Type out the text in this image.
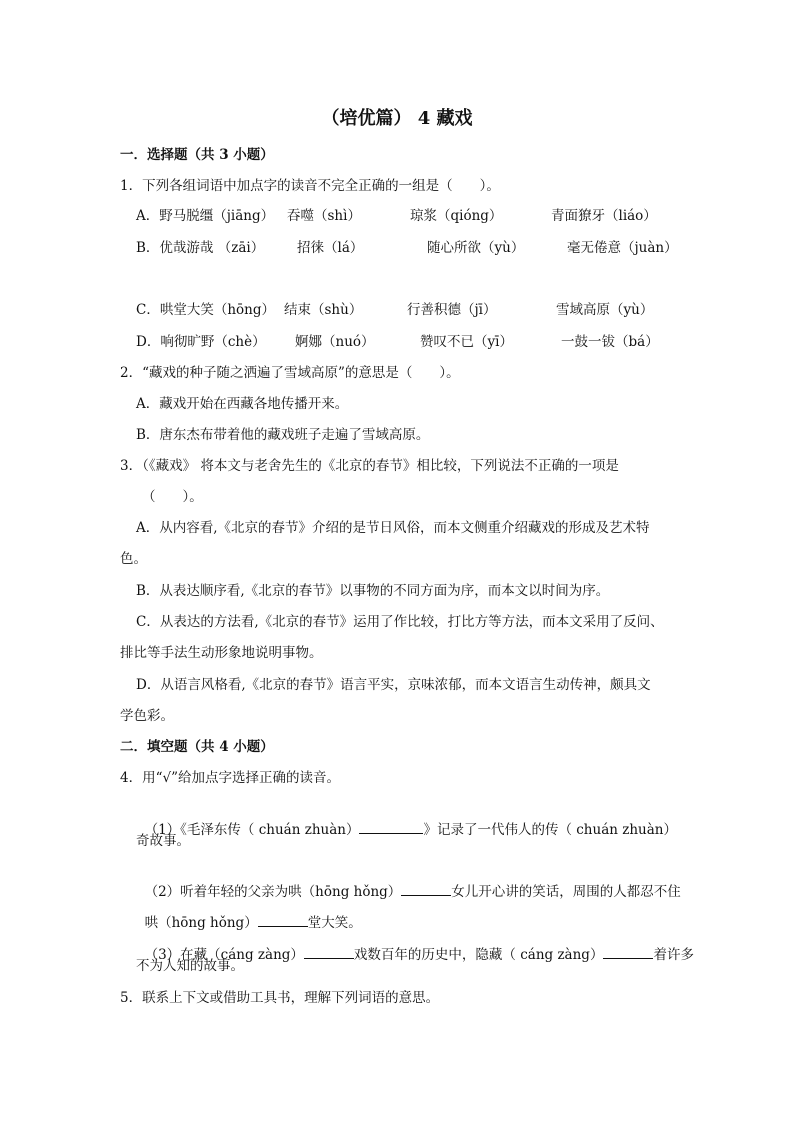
（培优篇） 4 藏戏
一．选择题（共 3 小题）
1．下列各组词语中加点字的读音不完全正确的一组是（　　）。
A．野马脱缰（jiāng） 吞噬（shì）	琼浆（qióng）	青面獠牙（liáo）
B．优哉游哉 （zāi） 招徕（lá）	随心所欲（yù）	毫无倦意（juàn）
C．哄堂大笑（hōng） 结束（shù）	行善积德（jī）	雪域高原（yù）
D．响彻旷野（chè） 婀娜（nuó）	赞叹不已（yī）	一鼓一钹（bá）
2．“藏戏的种子随之洒遍了雪域高原”的意思是（　　）。
A．藏戏开始在西藏各地传播开来。
B．唐东杰布带着他的藏戏班子走遍了雪域高原。
3．（《藏戏》 将本文与老舍先生的《北京的春节》相比较，下列说法不正确的一项是
（　　）。
A．从内容看,《北京的春节》介绍的是节日风俗，而本文侧重介绍藏戏的形成及艺术特
色。
B．从表达顺序看,《北京的春节》以事物的不同方面为序，而本文以时间为序。
C．从表达的方法看,《北京的春节》运用了作比较，打比方等方法，而本文采用了反问、
排比等手法生动形象地说明事物。
D．从语言风格看,《北京的春节》语言平实，京味浓郁，而本文语言生动传神，颇具文
学色彩。
二．填空题（共 4 小题）
4．用“√”给加点字选择正确的读音。

（1）《毛泽东传（ chuán zhuàn）	》记录了一代伟人的传（ chuán zhuàn）

奇故事。

（2）听着年轻的父亲为哄（hōng hǒng）	女儿开心讲的笑话，周围的人都忍不住

哄（hōng hǒng）	堂大笑。

（3）在藏（cáng zàng）	戏数百年的历史中，隐藏（ cáng zàng）	着许多

不为人知的故事。
5．联系上下文或借助工具书，理解下列词语的意思。
